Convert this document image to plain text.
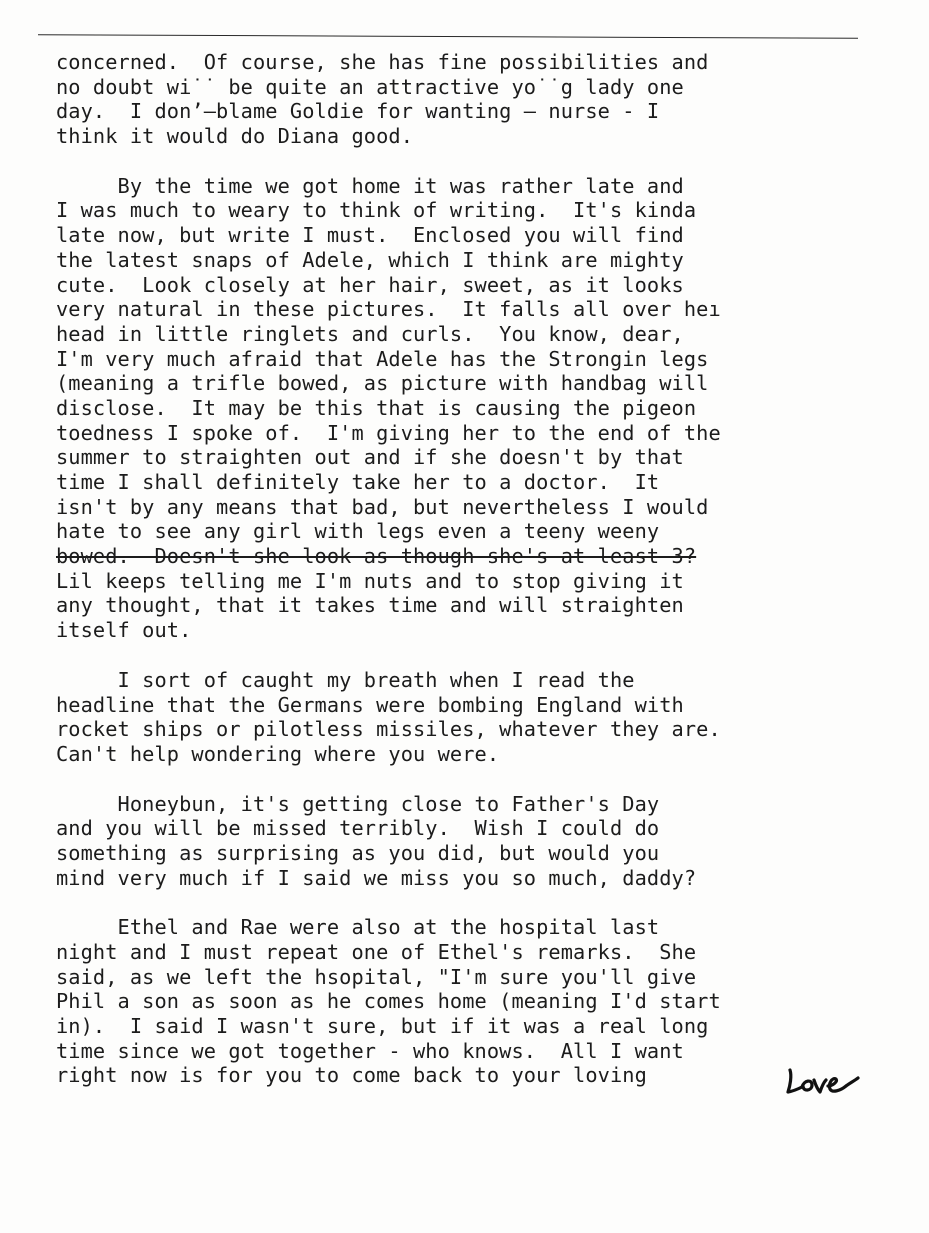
concerned.  Of course, she has fine possibilities and
no doubt wi˙˙ be quite an attractive yo˙˙g lady one
day.  I don’–blame Goldie for wanting – nurse - I
think it would do Diana good.
By the time we got home it was rather late and
I was much to weary to think of writing.  It's kinda
late now, but write I must.  Enclosed you will find
the latest snaps of Adele, which I think are mighty
cute.  Look closely at her hair, sweet, as it looks
very natural in these pictures.  It falls all over heı
head in little ringlets and curls.  You know, dear,
I'm very much afraid that Adele has the Strongin legs
(meaning a trifle bowed, as picture with handbag will
disclose.  It may be this that is causing the pigeon
toedness I spoke of.  I'm giving her to the end of the
summer to straighten out and if she doesn't by that
time I shall definitely take her to a doctor.  It
isn't by any means that bad, but nevertheless I would
hate to see any girl with legs even a teeny weeny
bowed.  Doesn't she look as though she's at least 3?
Lil keeps telling me I'm nuts and to stop giving it
any thought, that it takes time and will straighten
itself out.
I sort of caught my breath when I read the
headline that the Germans were bombing England with
rocket ships or pilotless missiles, whatever they are.
Can't help wondering where you were.
Honeybun, it's getting close to Father's Day
and you will be missed terribly.  Wish I could do
something as surprising as you did, but would you
mind very much if I said we miss you so much, daddy?
Ethel and Rae were also at the hospital last
night and I must repeat one of Ethel's remarks.  She
said, as we left the hsopital, "I'm sure you'll give
Phil a son as soon as he comes home (meaning I'd start
in).  I said I wasn't sure, but if it was a real long
time since we got together - who knows.  All I want
right now is for you to come back to your loving
